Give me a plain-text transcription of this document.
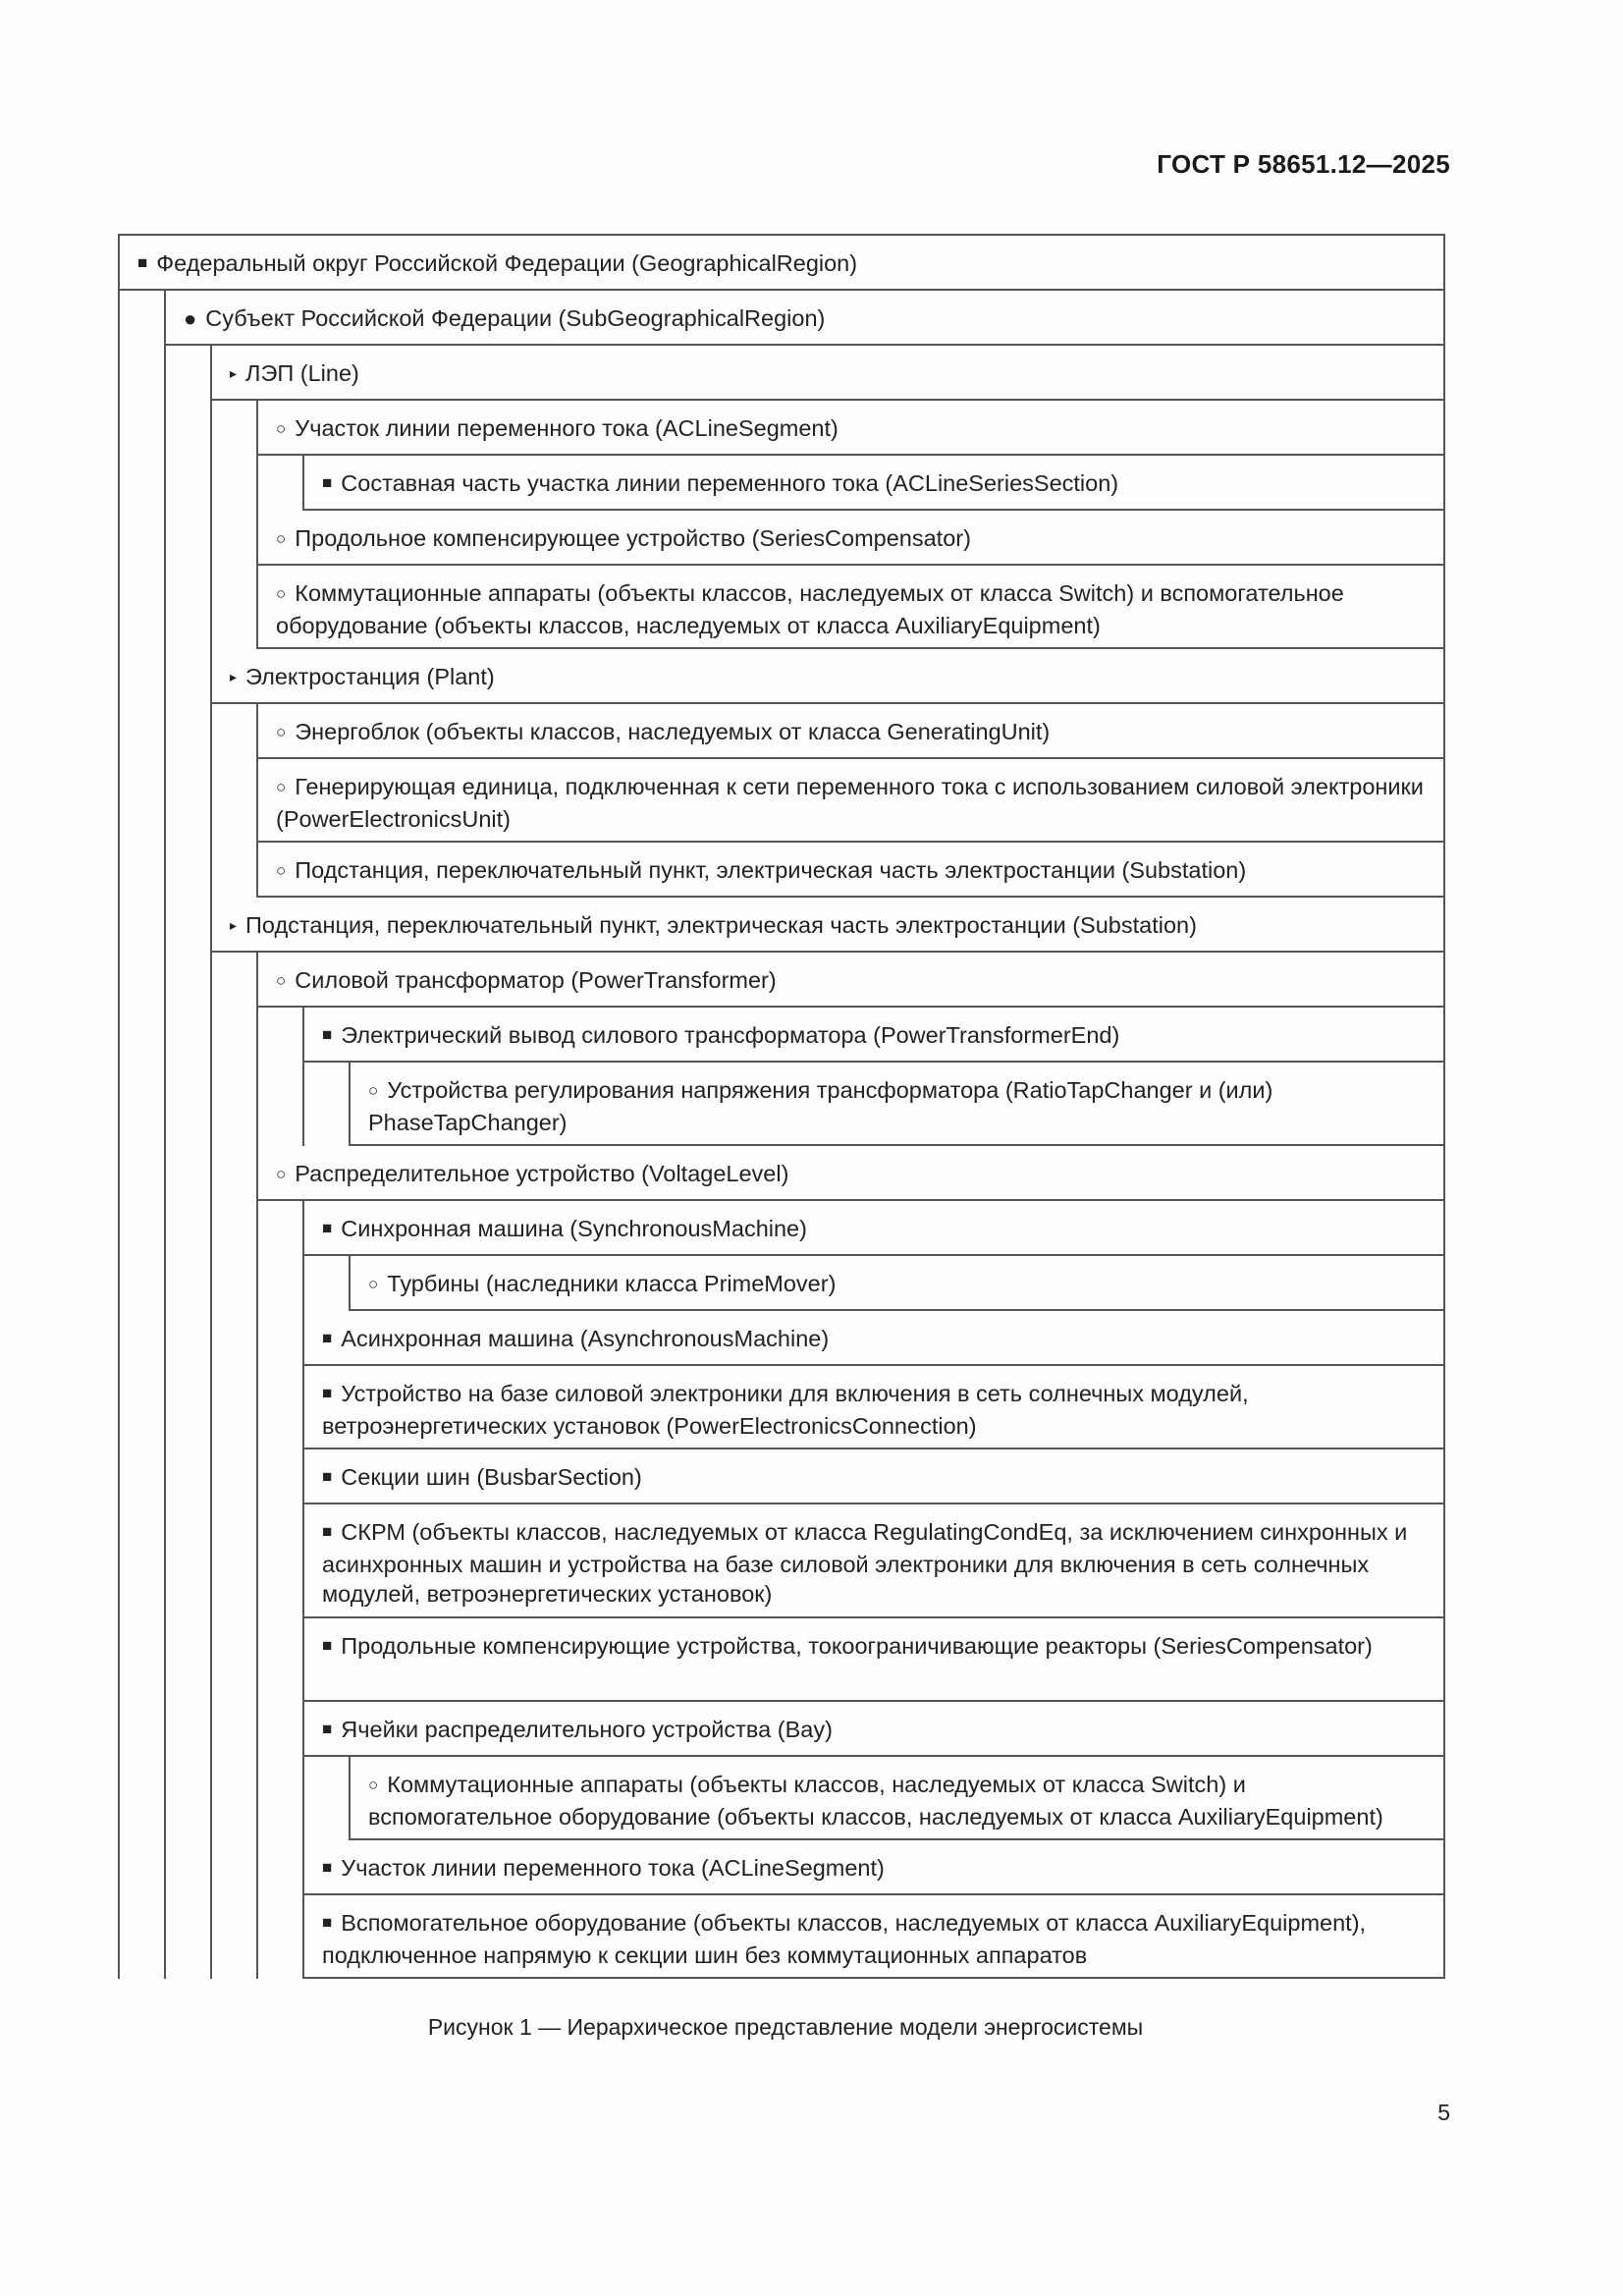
ГОСТ Р 58651.12—2025
■ Федеральный округ Российской Федерации (GeographicalRegion)
● Субъект Российской Федерации (SubGeographicalRegion)
▸ ЛЭП (Line)
○ Участок линии переменного тока (ACLineSegment)
■ Составная часть участка линии переменного тока (ACLineSeriesSection)
○ Продольное компенсирующее устройство (SeriesCompensator)
○ Коммутационные аппараты (объекты классов, наследуемых от класса Switch) и вспомогательное оборудование (объекты классов, наследуемых от класса AuxiliaryEquipment)
▸ Электростанция (Plant)
○ Энергоблок (объекты классов, наследуемых от класса GeneratingUnit)
○ Генерирующая единица, подключенная к сети переменного тока с использованием силовой электроники (PowerElectronicsUnit)
○ Подстанция, переключательный пункт, электрическая часть электростанции (Substation)
▸ Подстанция, переключательный пункт, электрическая часть электростанции (Substation)
○ Силовой трансформатор (PowerTransformer)
■ Электрический вывод силового трансформатора (PowerTransformerEnd)
○ Устройства регулирования напряжения трансформатора (RatioTapChanger и (или) PhaseTapChanger)
○ Распределительное устройство (VoltageLevel)
■ Синхронная машина (SynchronousMachine)
○ Турбины (наследники класса PrimeMover)
■ Асинхронная машина (AsynchronousMachine)
■ Устройство на базе силовой электроники для включения в сеть солнечных модулей, ветроэнергетических установок (PowerElectronicsConnection)
■ Секции шин (BusbarSection)
■ СКРМ (объекты классов, наследуемых от класса RegulatingCondEq, за исключением синхронных и асинхронных машин и устройства на базе силовой электроники для включения в сеть солнечных модулей, ветроэнергетических установок)
■ Продольные компенсирующие устройства, токоограничивающие реакторы (SeriesCompensator)
■ Ячейки распределительного устройства (Bay)
○ Коммутационные аппараты (объекты классов, наследуемых от класса Switch) и вспомогательное оборудование (объекты классов, наследуемых от класса AuxiliaryEquipment)
■ Участок линии переменного тока (ACLineSegment)
■ Вспомогательное оборудование (объекты классов, наследуемых от класса AuxiliaryEquipment), подключенное напрямую к секции шин без коммутационных аппаратов
Рисунок 1 — Иерархическое представление модели энергосистемы
5
